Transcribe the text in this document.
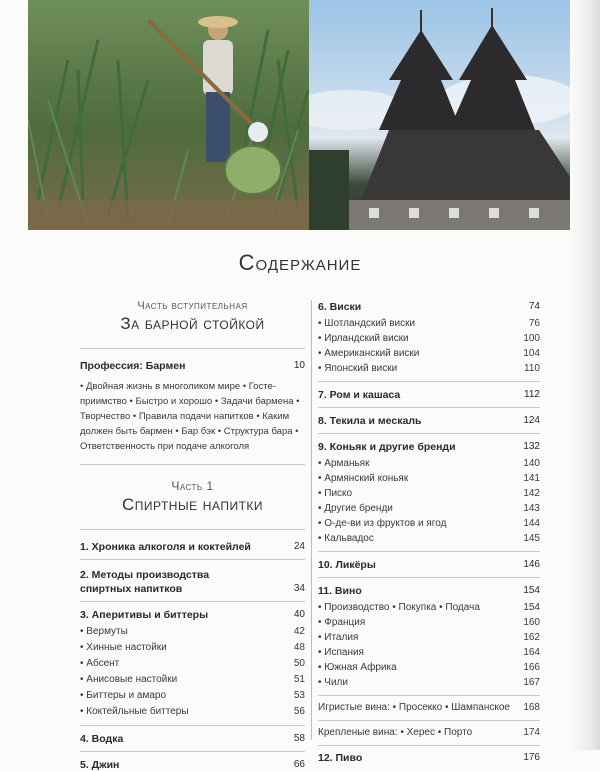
Содержание
Часть вступительная
За барной стойкой
Профессия: Бармен	10
• Двойная жизнь в многоликом мире • Госте-приимство • Быстро и хорошо • Задачи бармена • Творчество • Правила подачи напитков • Каким должен быть бармен • Бар бэк • Структура бара • Ответственность при подаче алкоголя
Часть 1
Спиртные напитки
1. Хроника алкоголя и коктейлей	24
2. Методы производства спиртных напитков	34
3. Аперитивы и биттеры	40
• Вермуты	42
• Хинные настойки	48
• Абсент	50
• Анисовые настойки	51
• Биттеры и амаро	53
• Коктейльные биттеры	56
4. Водка	58
5. Джин	66
6. Виски	74
• Шотландский виски	76
• Ирландский виски	100
• Американский виски	104
• Японский виски	110
7. Ром и кашаса	112
8. Текила и мескаль	124
9. Коньяк и другие бренди	132
• Арманьяк	140
• Армянский коньяк	141
• Писко	142
• Другие бренди	143
• О-де-ви из фруктов и ягод	144
• Кальвадос	145
10. Ликёры	146
11. Вино	154
• Производство • Покупка • Подача	154
• Франция	160
• Италия	162
• Испания	164
• Южная Африка	166
• Чили	167
Игристые вина: • Просекко • Шампанское	168
Крепленые вина: • Херес • Порто	174
12. Пиво	176
